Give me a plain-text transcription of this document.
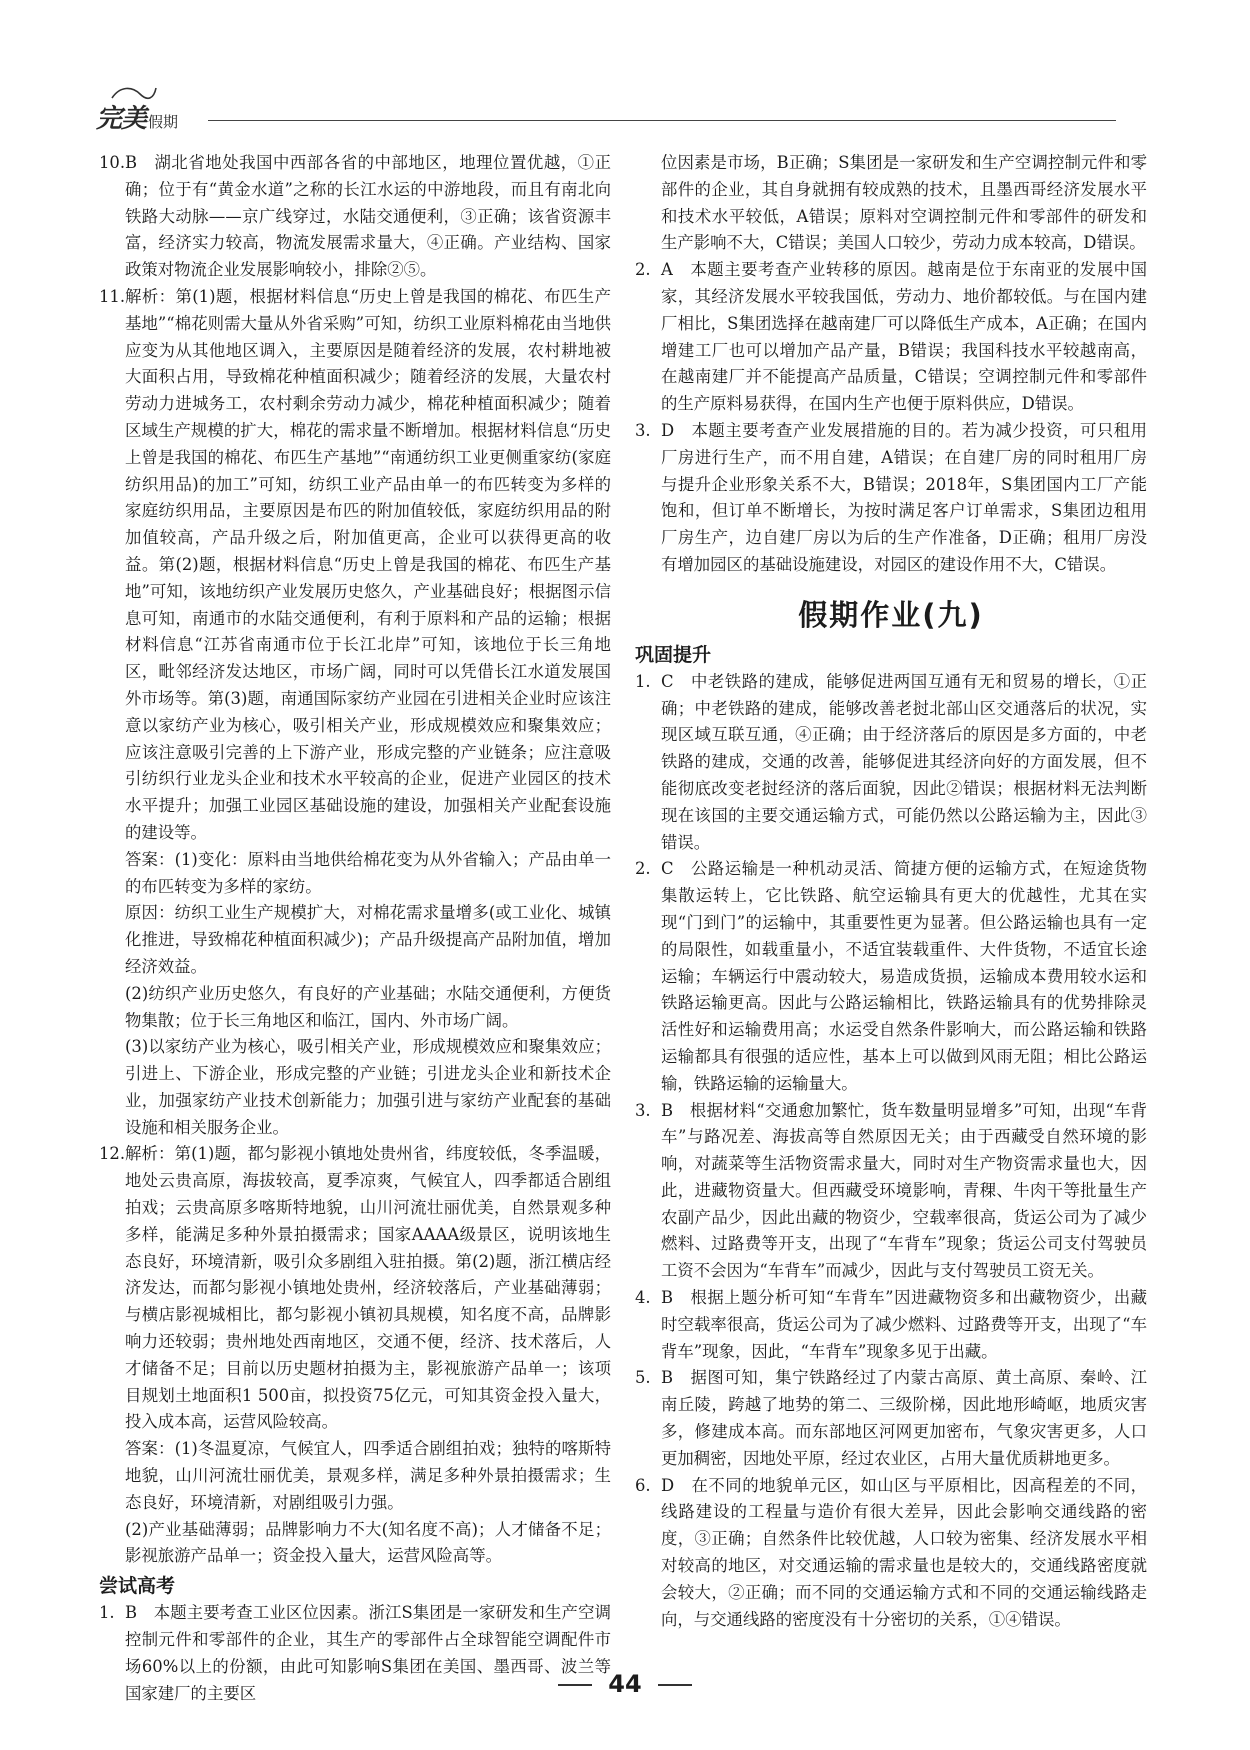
完美 假期
10. B　湖北省地处我国中西部各省的中部地区，地理位置优越，①正确；位于有“黄金水道”之称的长江水运的中游地段，而且有南北向铁路大动脉——京广线穿过，水陆交通便利，③正确；该省资源丰富，经济实力较高，物流发展需求量大，④正确。产业结构、国家政策对物流企业发展影响较小，排除②⑤。
11. 解析：第(1)题，根据材料信息“历史上曾是我国的棉花、布匹生产基地”“棉花则需大量从外省采购”可知，纺织工业原料棉花由当地供应变为从其他地区调入，主要原因是随着经济的发展，农村耕地被大面积占用，导致棉花种植面积减少；随着经济的发展，大量农村劳动力进城务工，农村剩余劳动力减少，棉花种植面积减少；随着区域生产规模的扩大，棉花的需求量不断增加。根据材料信息“历史上曾是我国的棉花、布匹生产基地”“南通纺织工业更侧重家纺(家庭纺织用品)的加工”可知，纺织工业产品由单一的布匹转变为多样的家庭纺织用品，主要原因是布匹的附加值较低，家庭纺织用品的附加值较高，产品升级之后，附加值更高，企业可以获得更高的收益。第(2)题，根据材料信息“历史上曾是我国的棉花、布匹生产基地”可知，该地纺织产业发展历史悠久，产业基础良好；根据图示信息可知，南通市的水陆交通便利，有利于原料和产品的运输；根据材料信息“江苏省南通市位于长江北岸”可知，该地位于长三角地区，毗邻经济发达地区，市场广阔，同时可以凭借长江水道发展国外市场等。第(3)题，南通国际家纺产业园在引进相关企业时应该注意以家纺产业为核心，吸引相关产业，形成规模效应和聚集效应；应该注意吸引完善的上下游产业，形成完整的产业链条；应注意吸引纺织行业龙头企业和技术水平较高的企业，促进产业园区的技术水平提升；加强工业园区基础设施的建设，加强相关产业配套设施的建设等。
答案：(1)变化：原料由当地供给棉花变为从外省输入；产品由单一的布匹转变为多样的家纺。
原因：纺织工业生产规模扩大，对棉花需求量增多(或工业化、城镇化推进，导致棉花种植面积减少)；产品升级提高产品附加值，增加经济效益。
(2)纺织产业历史悠久，有良好的产业基础；水陆交通便利，方便货物集散；位于长三角地区和临江，国内、外市场广阔。
(3)以家纺产业为核心，吸引相关产业，形成规模效应和聚集效应；引进上、下游企业，形成完整的产业链；引进龙头企业和新技术企业，加强家纺产业技术创新能力；加强引进与家纺产业配套的基础设施和相关服务企业。
12. 解析：第(1)题，都匀影视小镇地处贵州省，纬度较低，冬季温暖，地处云贵高原，海拔较高，夏季凉爽，气候宜人，四季都适合剧组拍戏；云贵高原多喀斯特地貌，山川河流壮丽优美，自然景观多种多样，能满足多种外景拍摄需求；国家AAAA级景区，说明该地生态良好，环境清新，吸引众多剧组入驻拍摄。第(2)题，浙江横店经济发达，而都匀影视小镇地处贵州，经济较落后，产业基础薄弱；与横店影视城相比，都匀影视小镇初具规模，知名度不高，品牌影响力还较弱；贵州地处西南地区，交通不便，经济、技术落后，人才储备不足；目前以历史题材拍摄为主，影视旅游产品单一；该项目规划土地面积1 500亩，拟投资75亿元，可知其资金投入量大，投入成本高，运营风险较高。
答案：(1)冬温夏凉，气候宜人，四季适合剧组拍戏；独特的喀斯特地貌，山川河流壮丽优美，景观多样，满足多种外景拍摄需求；生态良好，环境清新，对剧组吸引力强。
(2)产业基础薄弱；品牌影响力不大(知名度不高)；人才储备不足；影视旅游产品单一；资金投入量大，运营风险高等。
尝试高考
1. B　本题主要考查工业区位因素。浙江S集团是一家研发和生产空调控制元件和零部件的企业，其生产的零部件占全球智能空调配件市场60%以上的份额，由此可知影响S集团在美国、墨西哥、波兰等国家建厂的主要区
位因素是市场，B正确；S集团是一家研发和生产空调控制元件和零部件的企业，其自身就拥有较成熟的技术，且墨西哥经济发展水平和技术水平较低，A错误；原料对空调控制元件和零部件的研发和生产影响不大，C错误；美国人口较少，劳动力成本较高，D错误。
2. A　本题主要考查产业转移的原因。越南是位于东南亚的发展中国家，其经济发展水平较我国低，劳动力、地价都较低。与在国内建厂相比，S集团选择在越南建厂可以降低生产成本，A正确；在国内增建工厂也可以增加产品产量，B错误；我国科技水平较越南高，在越南建厂并不能提高产品质量，C错误；空调控制元件和零部件的生产原料易获得，在国内生产也便于原料供应，D错误。
3. D　本题主要考查产业发展措施的目的。若为减少投资，可只租用厂房进行生产，而不用自建，A错误；在自建厂房的同时租用厂房与提升企业形象关系不大，B错误；2018年，S集团国内工厂产能饱和，但订单不断增长，为按时满足客户订单需求，S集团边租用厂房生产，边自建厂房以为后的生产作准备，D正确；租用厂房没有增加园区的基础设施建设，对园区的建设作用不大，C错误。
假期作业(九)
巩固提升
1. C　中老铁路的建成，能够促进两国互通有无和贸易的增长，①正确；中老铁路的建成，能够改善老挝北部山区交通落后的状况，实现区域互联互通，④正确；由于经济落后的原因是多方面的，中老铁路的建成，交通的改善，能够促进其经济向好的方面发展，但不能彻底改变老挝经济的落后面貌，因此②错误；根据材料无法判断现在该国的主要交通运输方式，可能仍然以公路运输为主，因此③错误。
2. C　公路运输是一种机动灵活、简捷方便的运输方式，在短途货物集散运转上，它比铁路、航空运输具有更大的优越性，尤其在实现“门到门”的运输中，其重要性更为显著。但公路运输也具有一定的局限性，如载重量小，不适宜装载重件、大件货物，不适宜长途运输；车辆运行中震动较大，易造成货损，运输成本费用较水运和铁路运输更高。因此与公路运输相比，铁路运输具有的优势排除灵活性好和运输费用高；水运受自然条件影响大，而公路运输和铁路运输都具有很强的适应性，基本上可以做到风雨无阻；相比公路运输，铁路运输的运输量大。
3. B　根据材料“交通愈加繁忙，货车数量明显增多”可知，出现“车背车”与路况差、海拔高等自然原因无关；由于西藏受自然环境的影响，对蔬菜等生活物资需求量大，同时对生产物资需求量也大，因此，进藏物资量大。但西藏受环境影响，青稞、牛肉干等批量生产农副产品少，因此出藏的物资少，空载率很高，货运公司为了减少燃料、过路费等开支，出现了“车背车”现象；货运公司支付驾驶员工资不会因为“车背车”而减少，因此与支付驾驶员工资无关。
4. B　根据上题分析可知“车背车”因进藏物资多和出藏物资少，出藏时空载率很高，货运公司为了减少燃料、过路费等开支，出现了“车背车”现象，因此，“车背车”现象多见于出藏。
5. B　据图可知，集宁铁路经过了内蒙古高原、黄土高原、秦岭、江南丘陵，跨越了地势的第二、三级阶梯，因此地形崎岖，地质灾害多，修建成本高。而东部地区河网更加密布，气象灾害更多，人口更加稠密，因地处平原，经过农业区，占用大量优质耕地更多。
6. D　在不同的地貌单元区，如山区与平原相比，因高程差的不同，线路建设的工程量与造价有很大差异，因此会影响交通线路的密度，③正确；自然条件比较优越，人口较为密集、经济发展水平相对较高的地区，对交通运输的需求量也是较大的，交通线路密度就会较大，②正确；而不同的交通运输方式和不同的交通运输线路走向，与交通线路的密度没有十分密切的关系，①④错误。
44
